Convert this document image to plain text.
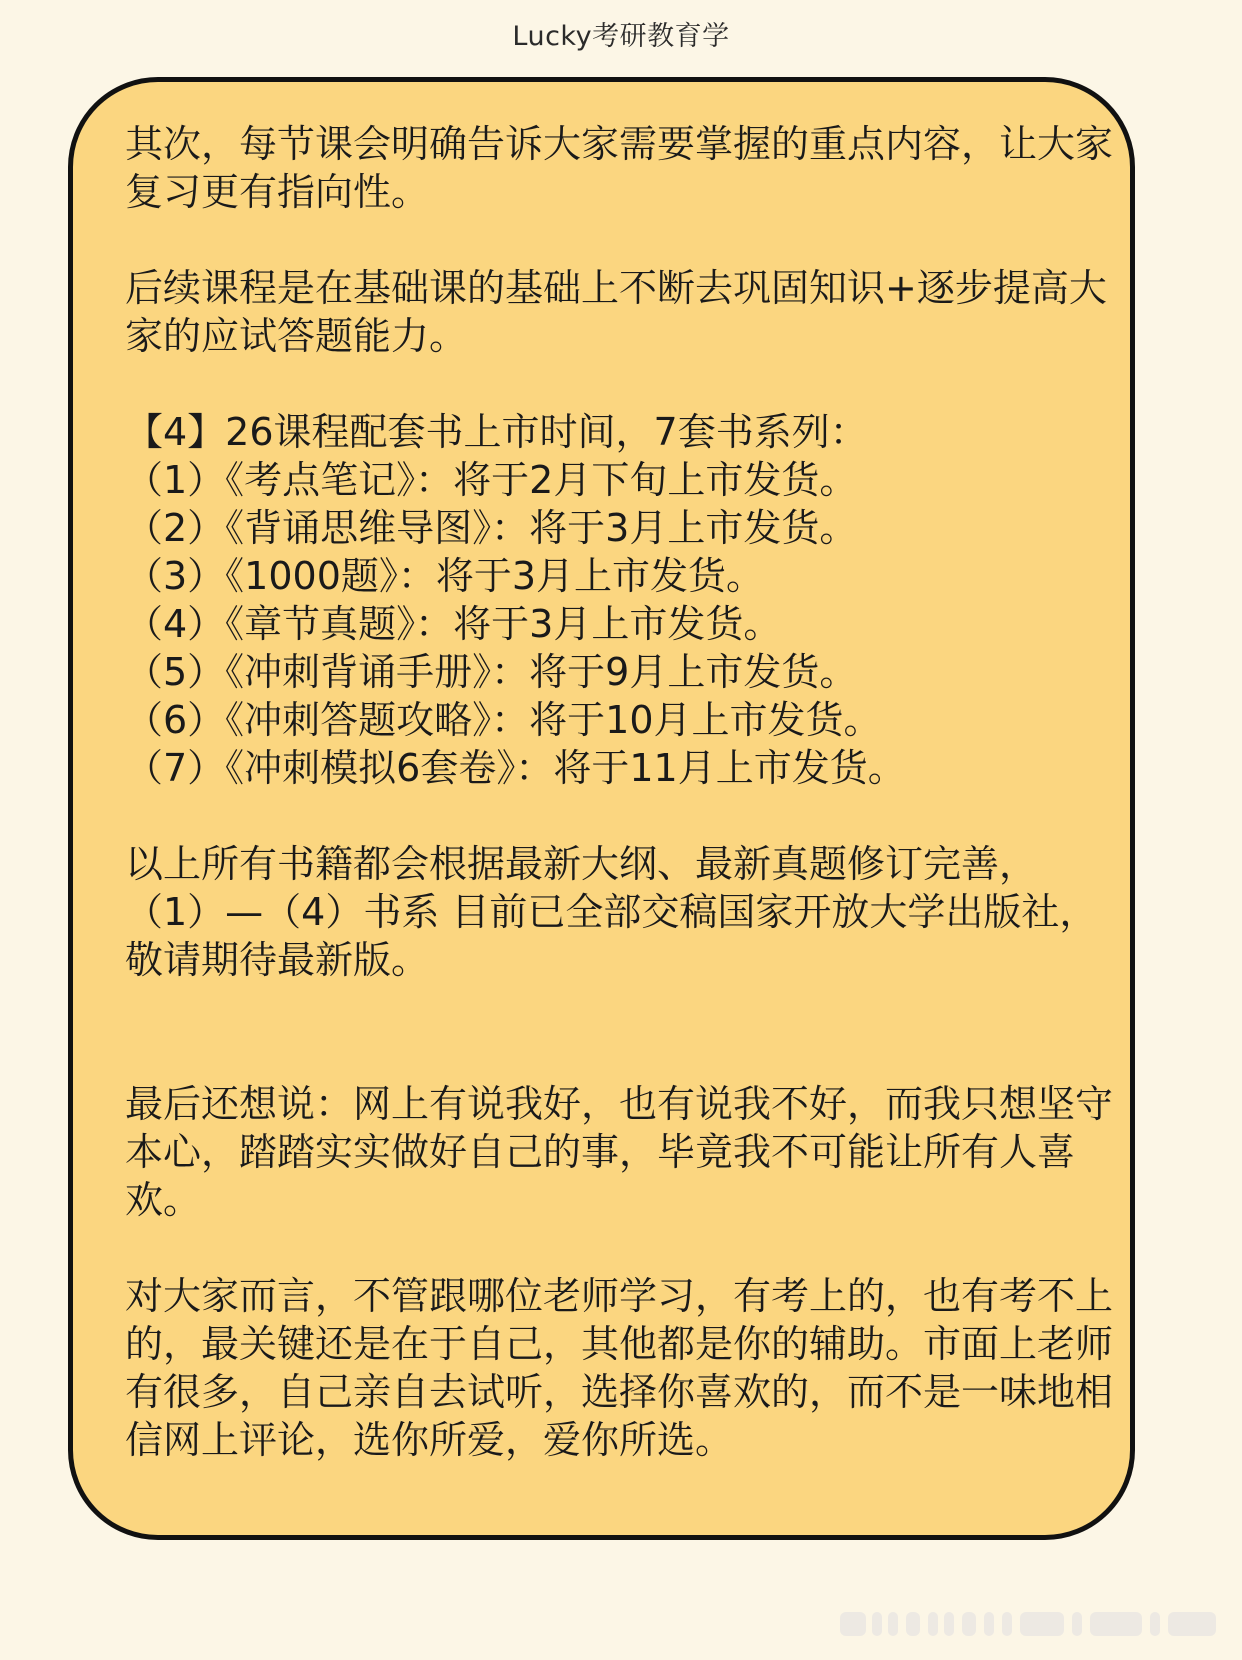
Lucky考研教育学

其次，每节课会明确告诉大家需要掌握的重点内容，让大家复习更有指向性。

后续课程是在基础课的基础上不断去巩固知识+逐步提高大家的应试答题能力。

【4】26课程配套书上市时间，7套书系列：

（1）《考点笔记》：将于2月下旬上市发货。

（2）《背诵思维导图》：将于3月上市发货。

（3）《1000题》：将于3月上市发货。

（4）《章节真题》：将于3月上市发货。

（5）《冲刺背诵手册》：将于9月上市发货。

（6）《冲刺答题攻略》：将于10月上市发货。

（7）《冲刺模拟6套卷》：将于11月上市发货。

以上所有书籍都会根据最新大纲、最新真题修订完善，

（1）—（4）书系 目前已全部交稿国家开放大学出版社，

敬请期待最新版。

最后还想说：网上有说我好，也有说我不好，而我只想坚守本心，踏踏实实做好自己的事，毕竟我不可能让所有人喜欢。

对大家而言，不管跟哪位老师学习，有考上的，也有考不上的，最关键还是在于自己，其他都是你的辅助。市面上老师有很多，自己亲自去试听，选择你喜欢的，而不是一味地相信网上评论，选你所爱，爱你所选。
